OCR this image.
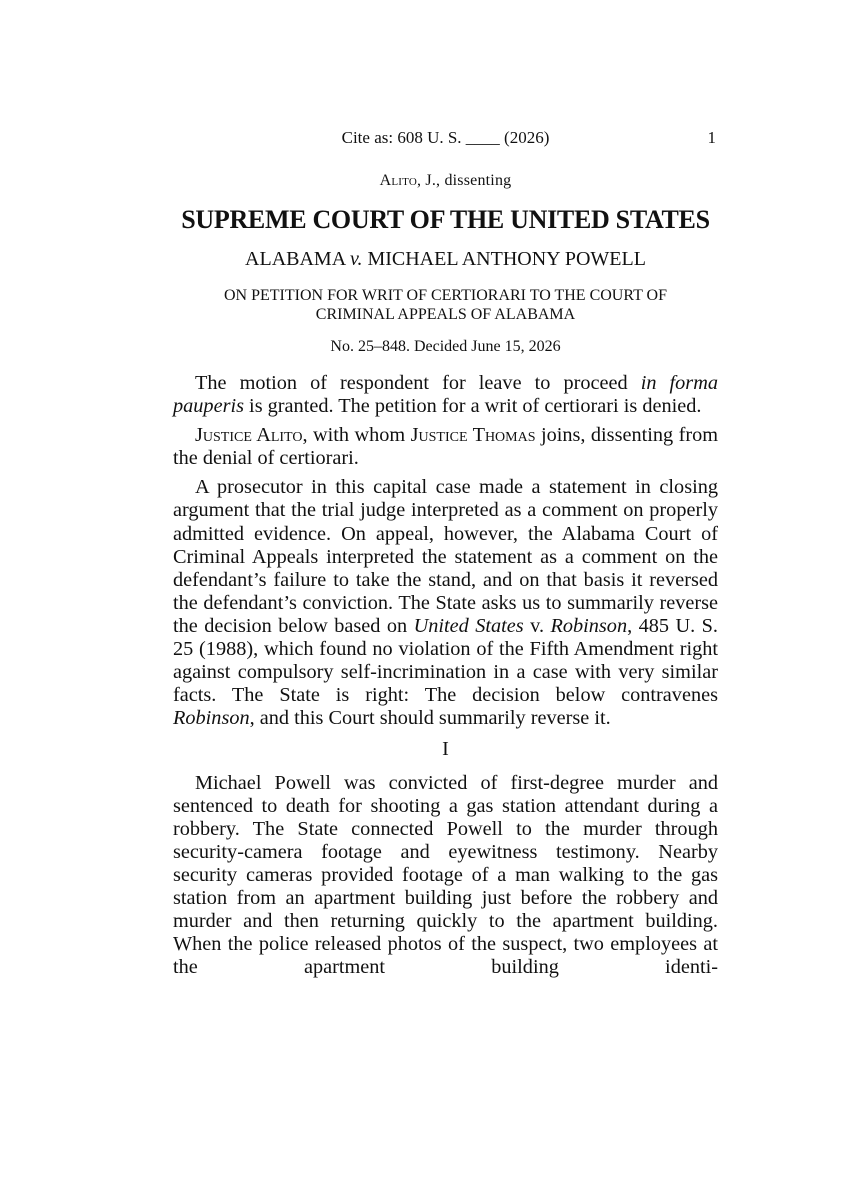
Cite as: 608 U. S. ____ (2026)	1
Alito, J., dissenting
SUPREME COURT OF THE UNITED STATES
ALABAMA v. MICHAEL ANTHONY POWELL
ON PETITION FOR WRIT OF CERTIORARI TO THE COURT OF
CRIMINAL APPEALS OF ALABAMA
No. 25–848. Decided June 15, 2026

The motion of respondent for leave to proceed in forma pauperis is granted. The petition for a writ of certiorari is denied.

Justice Alito, with whom Justice Thomas joins, dissenting from the denial of certiorari.

A prosecutor in this capital case made a statement in closing argument that the trial judge interpreted as a comment on properly admitted evidence. On appeal, however, the Alabama Court of Criminal Appeals interpreted the statement as a comment on the defendant’s failure to take the stand, and on that basis it reversed the defendant’s conviction. The State asks us to summarily reverse the decision below based on United States v. Robinson, 485 U. S. 25 (1988), which found no violation of the Fifth Amendment right against compulsory self-incrimination in a case with very similar facts. The State is right: The decision below contravenes Robinson, and this Court should summarily reverse it.

I

Michael Powell was convicted of first-degree murder and sentenced to death for shooting a gas station attendant during a robbery. The State connected Powell to the murder through security-camera footage and eyewitness testimony. Nearby security cameras provided footage of a man walking to the gas station from an apartment building just before the robbery and murder and then returning quickly to the apartment building. When the police released photos of the suspect, two employees at the apartment building identi-
